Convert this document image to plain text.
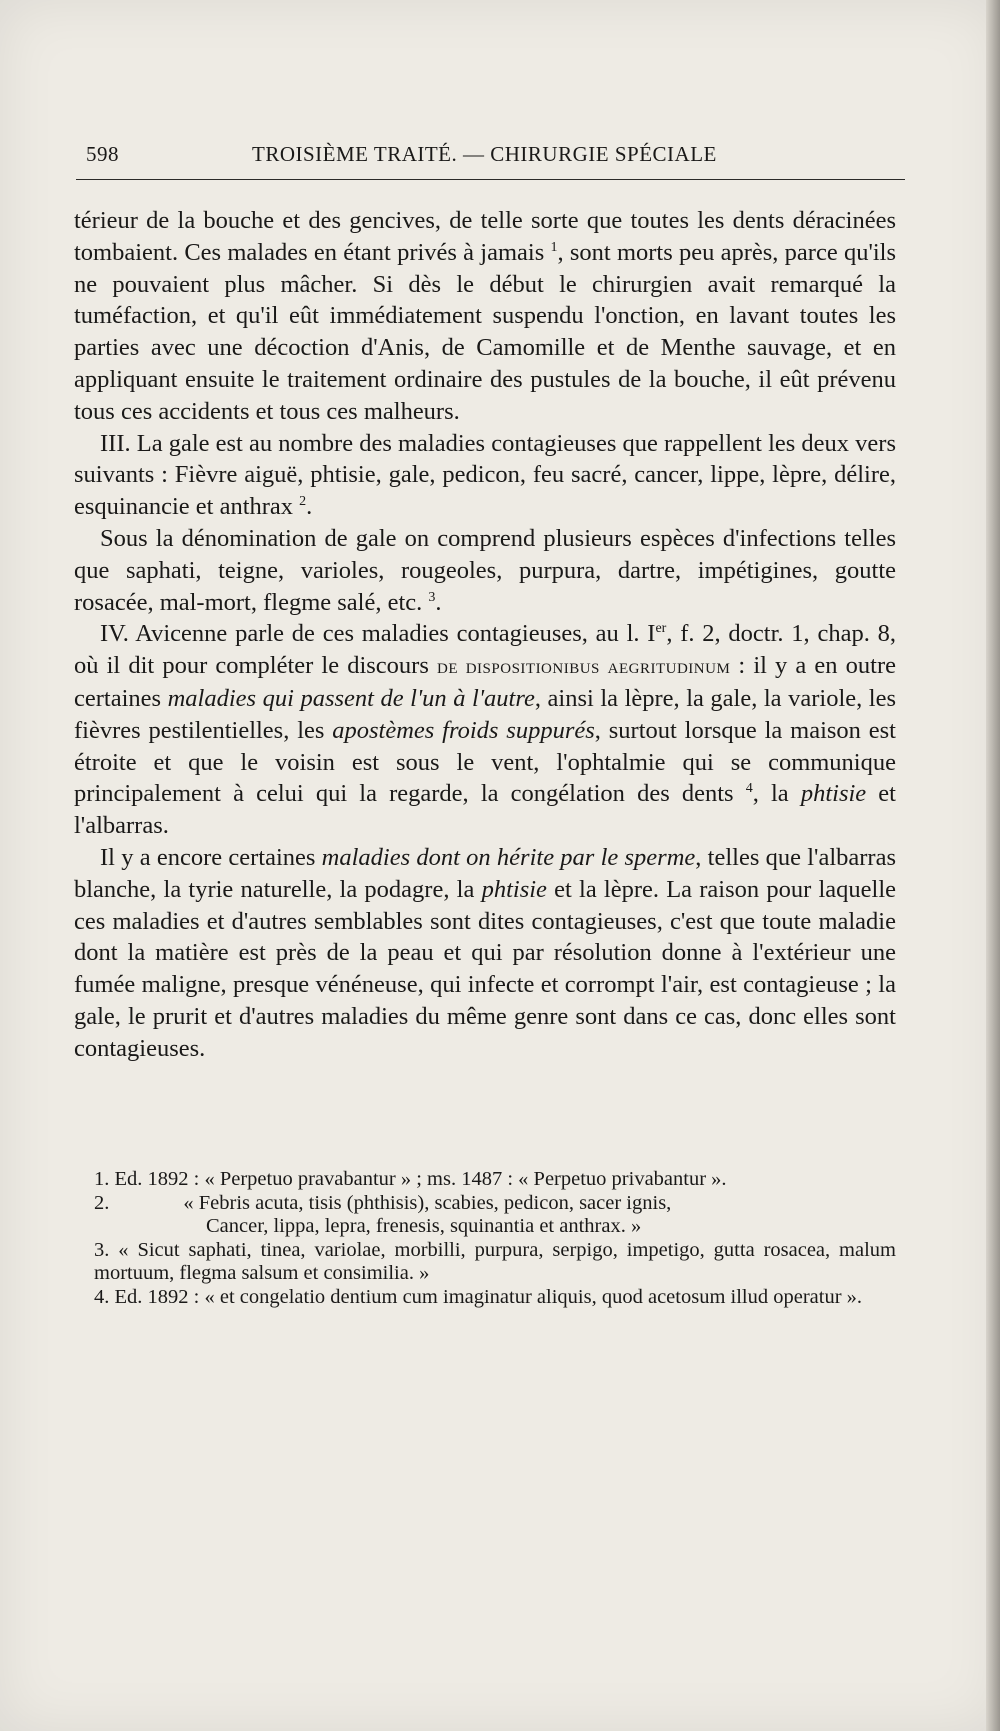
598	TROISIÈME TRAITÉ. — CHIRURGIE SPÉCIALE

térieur de la bouche et des gencives, de telle sorte que toutes les dents déracinées tombaient. Ces malades en étant privés à jamais $^1$, sont morts peu après, parce qu'ils ne pouvaient plus mâcher. Si dès le début le chirurgien avait remarqué la tuméfaction, et qu'il eût immédiatement suspendu l'onction, en lavant toutes les parties avec une décoction d'Anis, de Camomille et de Menthe sauvage, et en appliquant ensuite le traitement ordinaire des pustules de la bouche, il eût prévenu tous ces accidents et tous ces malheurs.

III. La gale est au nombre des maladies contagieuses que rappellent les deux vers suivants : Fièvre aiguë, phtisie, gale, pedicon, feu sacré, cancer, lippe, lèpre, délire, esquinancie et anthrax $^2$.

Sous la dénomination de gale on comprend plusieurs espèces d'infections telles que saphati, teigne, varioles, rougeoles, purpura, dartre, impétigines, goutte rosacée, mal-mort, flegme salé, etc. $^3$.

IV. Avicenne parle de ces maladies contagieuses, au l. Ier, f. 2, doctr. 1, chap. 8, où il dit pour compléter le discours de dispositionibus aegritudinum : il y a en outre certaines maladies qui passent de l'un à l'autre, ainsi la lèpre, la gale, la variole, les fièvres pestilentielles, les apostèmes froids suppurés, surtout lorsque la maison est étroite et que le voisin est sous le vent, l'ophtalmie qui se communique principalement à celui qui la regarde, la congélation des dents $^4$, la phtisie et l'albarras.

Il y a encore certaines maladies dont on hérite par le sperme, telles que l'albarras blanche, la tyrie naturelle, la podagre, la phtisie et la lèpre. La raison pour laquelle ces maladies et d'autres semblables sont dites contagieuses, c'est que toute maladie dont la matière est près de la peau et qui par résolution donne à l'extérieur une fumée maligne, presque vénéneuse, qui infecte et corrompt l'air, est contagieuse ; la gale, le prurit et d'autres maladies du même genre sont dans ce cas, donc elles sont contagieuses.

1. Ed. 1892 : « Perpetuo pravabantur » ; ms. 1487 : « Perpetuo privabantur ».

2.	« Febris acuta, tisis (phthisis), scabies, pedicon, sacer ignis,

Cancer, lippa, lepra, frenesis, squinantia et anthrax. »

3. « Sicut saphati, tinea, variolae, morbilli, purpura, serpigo, impetigo, gutta rosacea, malum mortuum, flegma salsum et consimilia. »

4. Ed. 1892 : « et congelatio dentium cum imaginatur aliquis, quod acetosum illud operatur ».
